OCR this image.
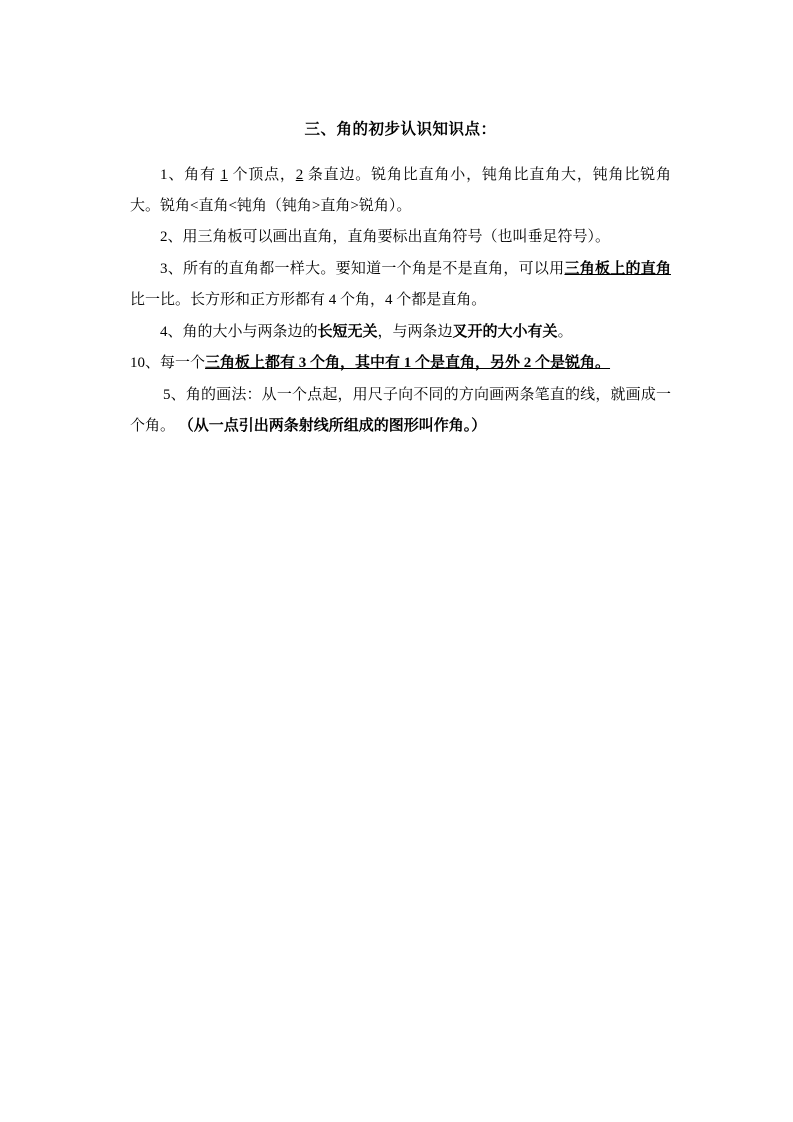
三、角的初步认识知识点：

1、角有 1 个顶点，2 条直边。锐角比直角小，钝角比直角大，钝角比锐角大。锐角<直角<钝角（钝角>直角>锐角）。

2、用三角板可以画出直角，直角要标出直角符号（也叫垂足符号）。

3、所有的直角都一样大。要知道一个角是不是直角，可以用三角板上的直角比一比。长方形和正方形都有 4 个角，4 个都是直角。

4、角的大小与两条边的长短无关，与两条边叉开的大小有关。

10、每一个三角板上都有 3 个角，其中有 1 个是直角，另外 2 个是锐角。

5、角的画法：从一个点起，用尺子向不同的方向画两条笔直的线，就画成一个角。 （从一点引出两条射线所组成的图形叫作角。）
